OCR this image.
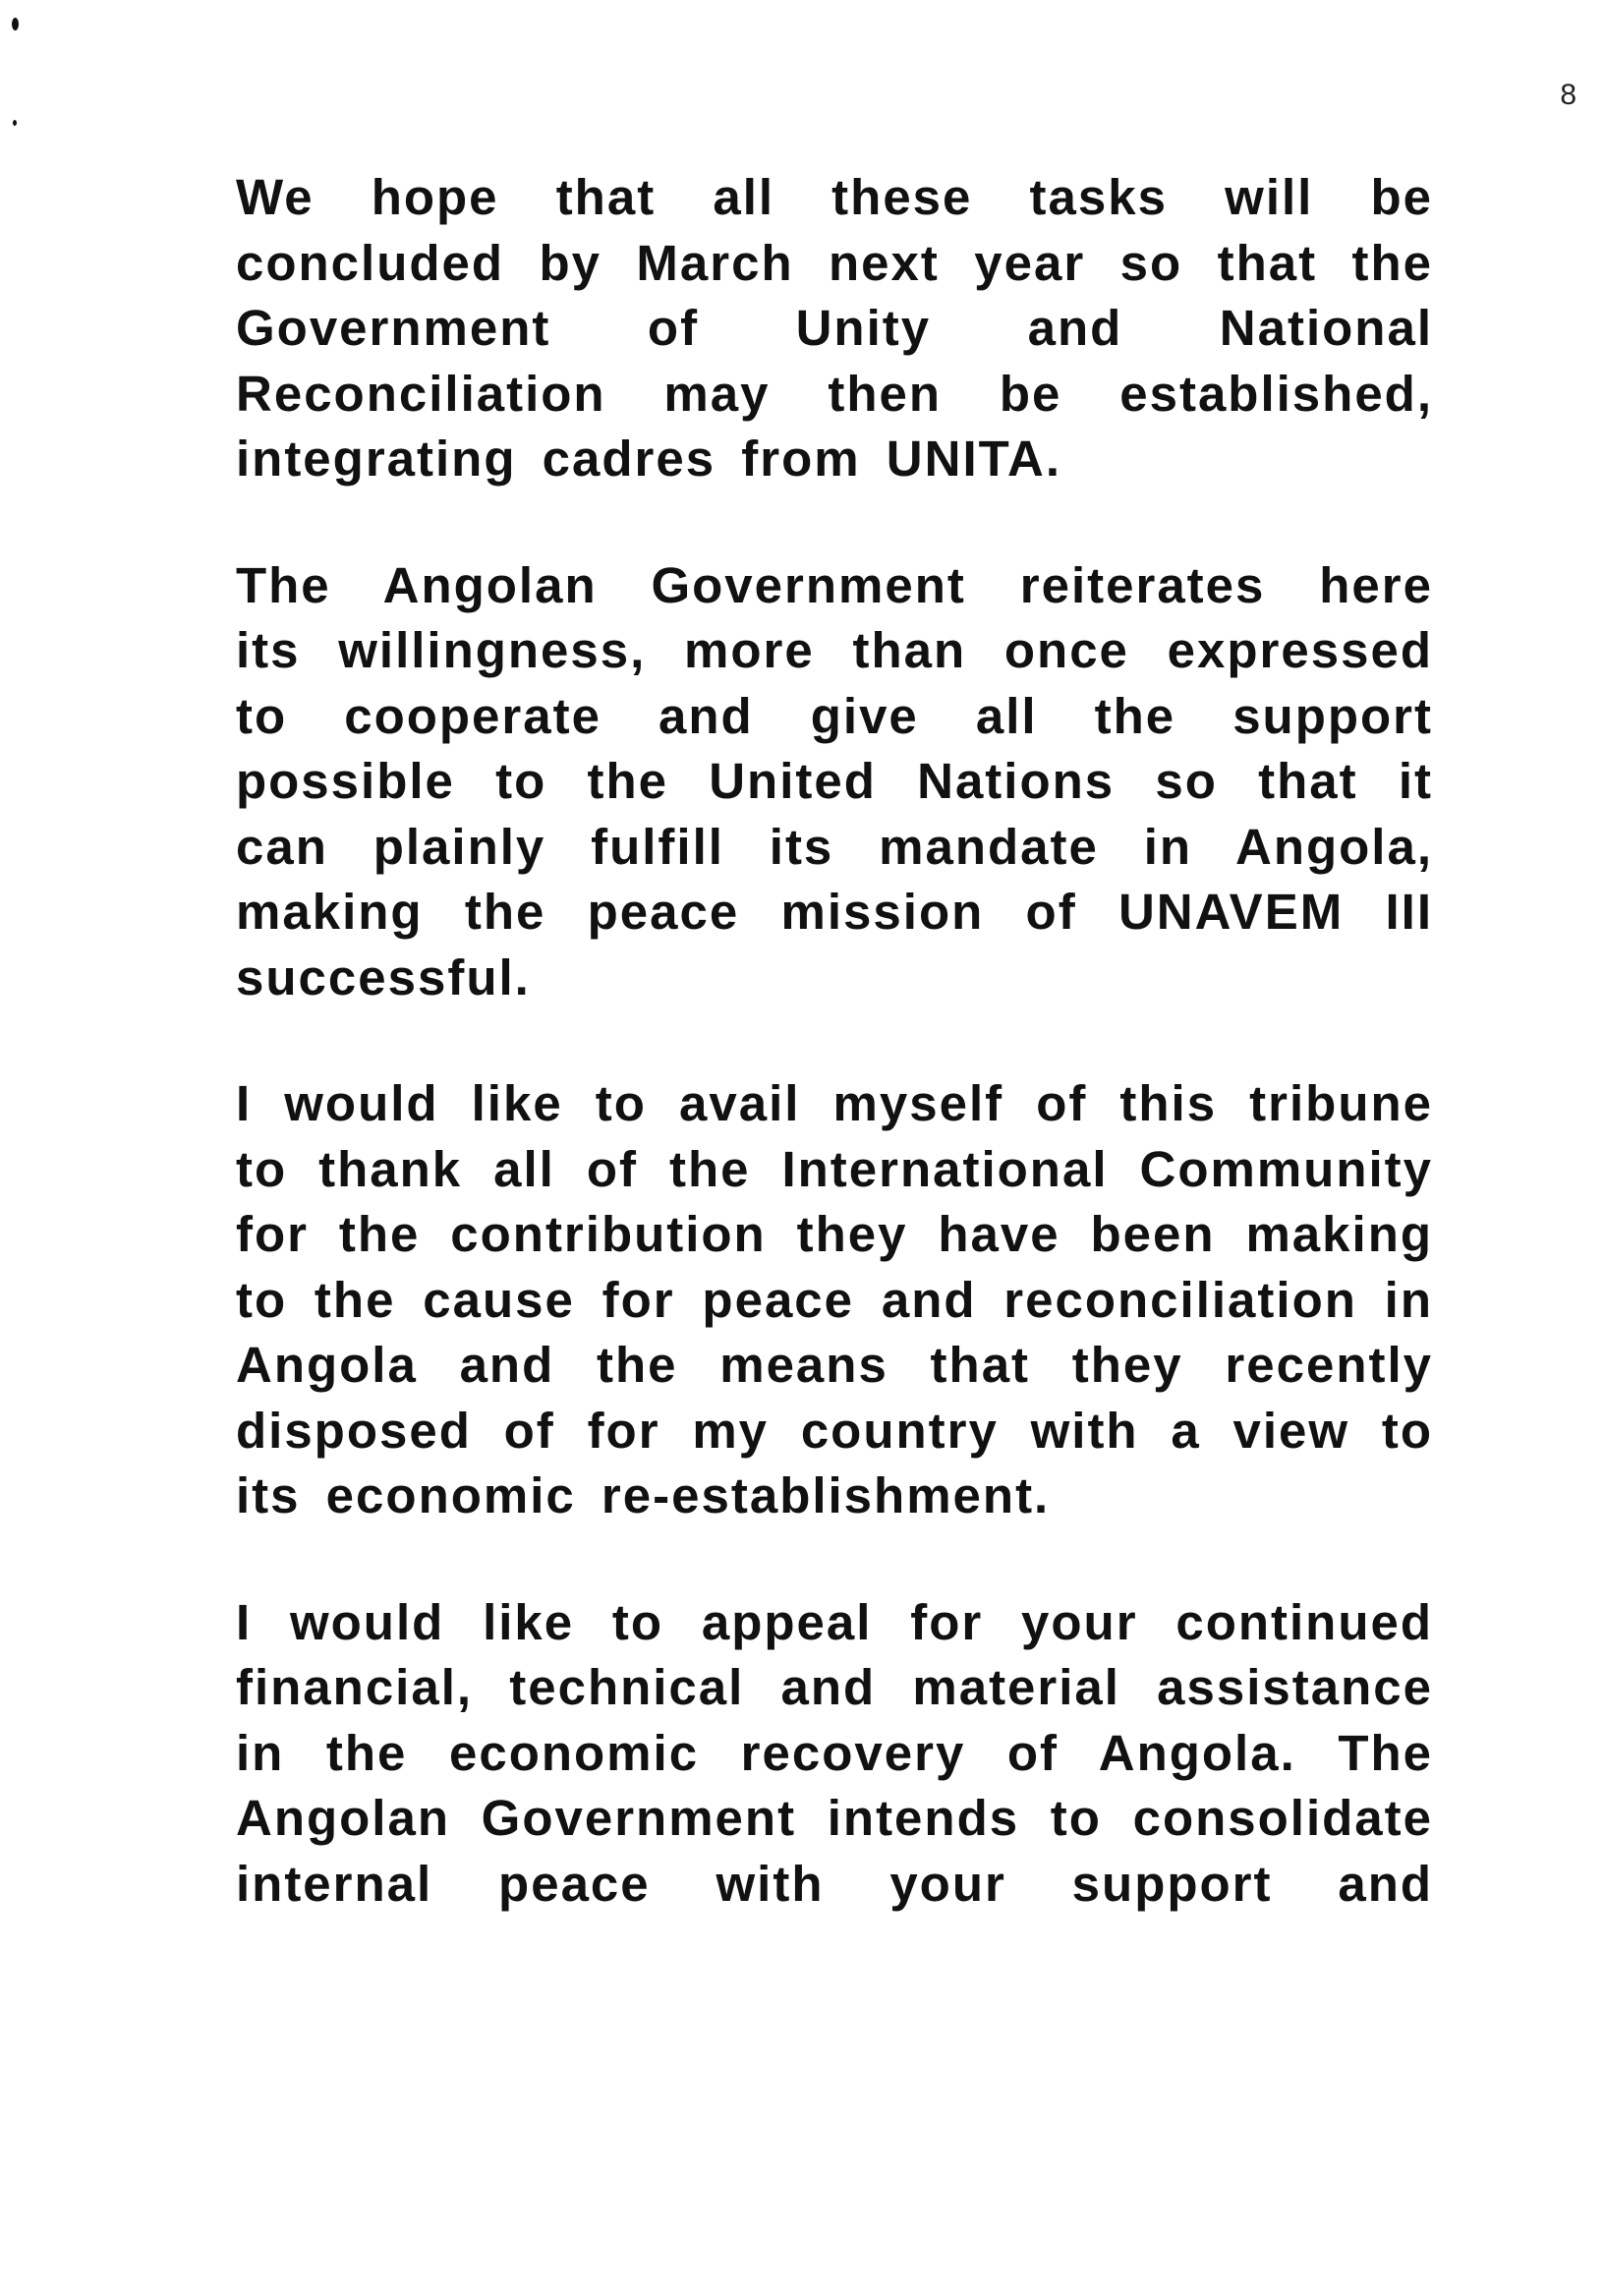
8

We hope that all these tasks will be
concluded by March next year so that the
Government of Unity and National
Reconciliation may then be established,
integrating cadres from UNITA.

The Angolan Government reiterates here
its willingness, more than once expressed
to cooperate and give all the support
possible to the United Nations so that it
can plainly fulfill its mandate in Angola,
making the peace mission of UNAVEM III
successful.

I would like to avail myself of this tribune
to thank all of the International Community
for the contribution they have been making
to the cause for peace and reconciliation in
Angola and the means that they recently
disposed of for my country with a view to
its economic re-establishment.

I would like to appeal for your continued
financial, technical and material assistance
in the economic recovery of Angola. The
Angolan Government intends to consolidate
internal peace with your support and
